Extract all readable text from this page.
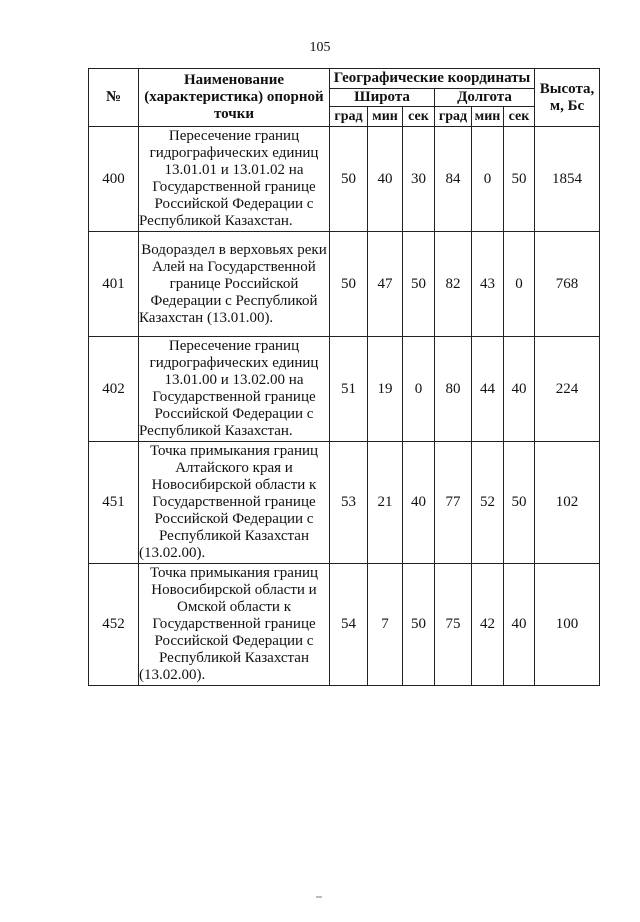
105
№	Наименование (характеристика) опорной точки	Географические координаты						Высота, м, Бс
		Широта			Долгота			
		град	мин	сек	град	мин	сек	
400	Пересечение границ гидрографических единиц 13.01.01 и 13.01.02 на Государственной границе Российской Федерации с Республикой Казахстан.	50	40	30	84	0	50	1854
401	Водораздел в верховьях реки Алей на Государственной границе Российской Федерации с Республикой Казахстан (13.01.00).	50	47	50	82	43	0	768
402	Пересечение границ гидрографических единиц 13.01.00 и 13.02.00 на Государственной границе Российской Федерации с Республикой Казахстан.	51	19	0	80	44	40	224
451	Точка примыкания границ Алтайского края и Новосибирской области к Государственной границе Российской Федерации с Республикой Казахстан (13.02.00).	53	21	40	77	52	50	102
452	Точка примыкания границ Новосибирской области и Омской области к Государственной границе Российской Федерации с Республикой Казахстан (13.02.00).	54	7	50	75	42	40	100
